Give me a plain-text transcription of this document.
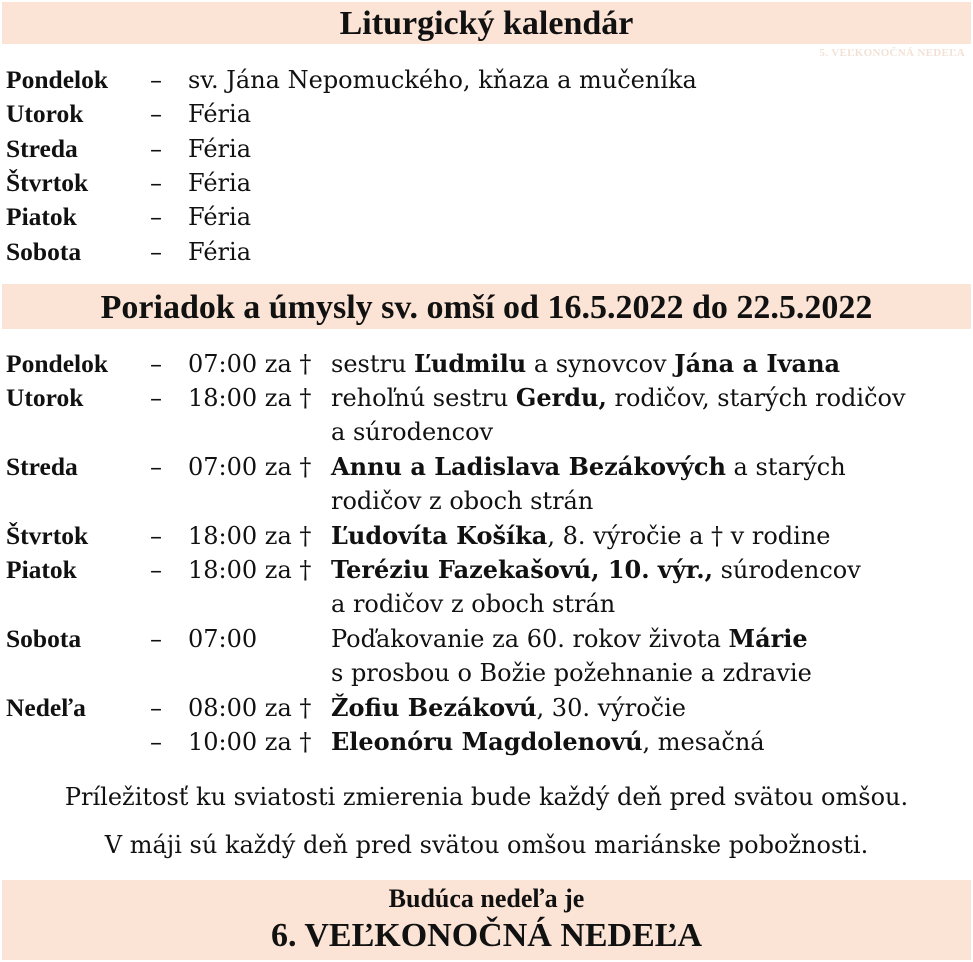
Liturgický kalendár
5. VEĽKONOČNÁ NEDEĽA
Pondelok – sv. Jána Nepomuckého, kňaza a mučeníka
Utorok	– Féria
Streda	– Féria
Štvrtok	– Féria
Piatok	– Féria
Sobota	– Féria
Poriadok a úmysly sv. omší od 16.5.2022 do 22.5.2022
Pondelok – 07:00 za † sestru Ľudmilu a synovcov Jána a Ivana
Utorok	– 18:00 za † rehoľnú sestru Gerdu, rodičov, starých rodičov
a súrodencov
Streda	– 07:00 za † Annu a Ladislava Bezákových a starých
rodičov z oboch strán
Štvrtok	– 18:00 za † Ľudovíta Košíka, 8. výročie a † v rodine
Piatok	– 18:00 za † Teréziu Fazekašovú, 10. výr., súrodencov
a rodičov z oboch strán
Sobota	– 07:00	Poďakovanie za 60. rokov života Márie
s prosbou o Božie požehnanie a zdravie
Nedeľa	– 08:00 za † Žofiu Bezákovú, 30. výročie
– 10:00 za † Eleonóru Magdolenovú, mesačná
Príležitosť ku sviatosti zmierenia bude každý deň pred svätou omšou.
V máji sú každý deň pred svätou omšou mariánske pobožnosti.
Budúca nedeľa je
6. VEĽKONOČNÁ NEDEĽA
